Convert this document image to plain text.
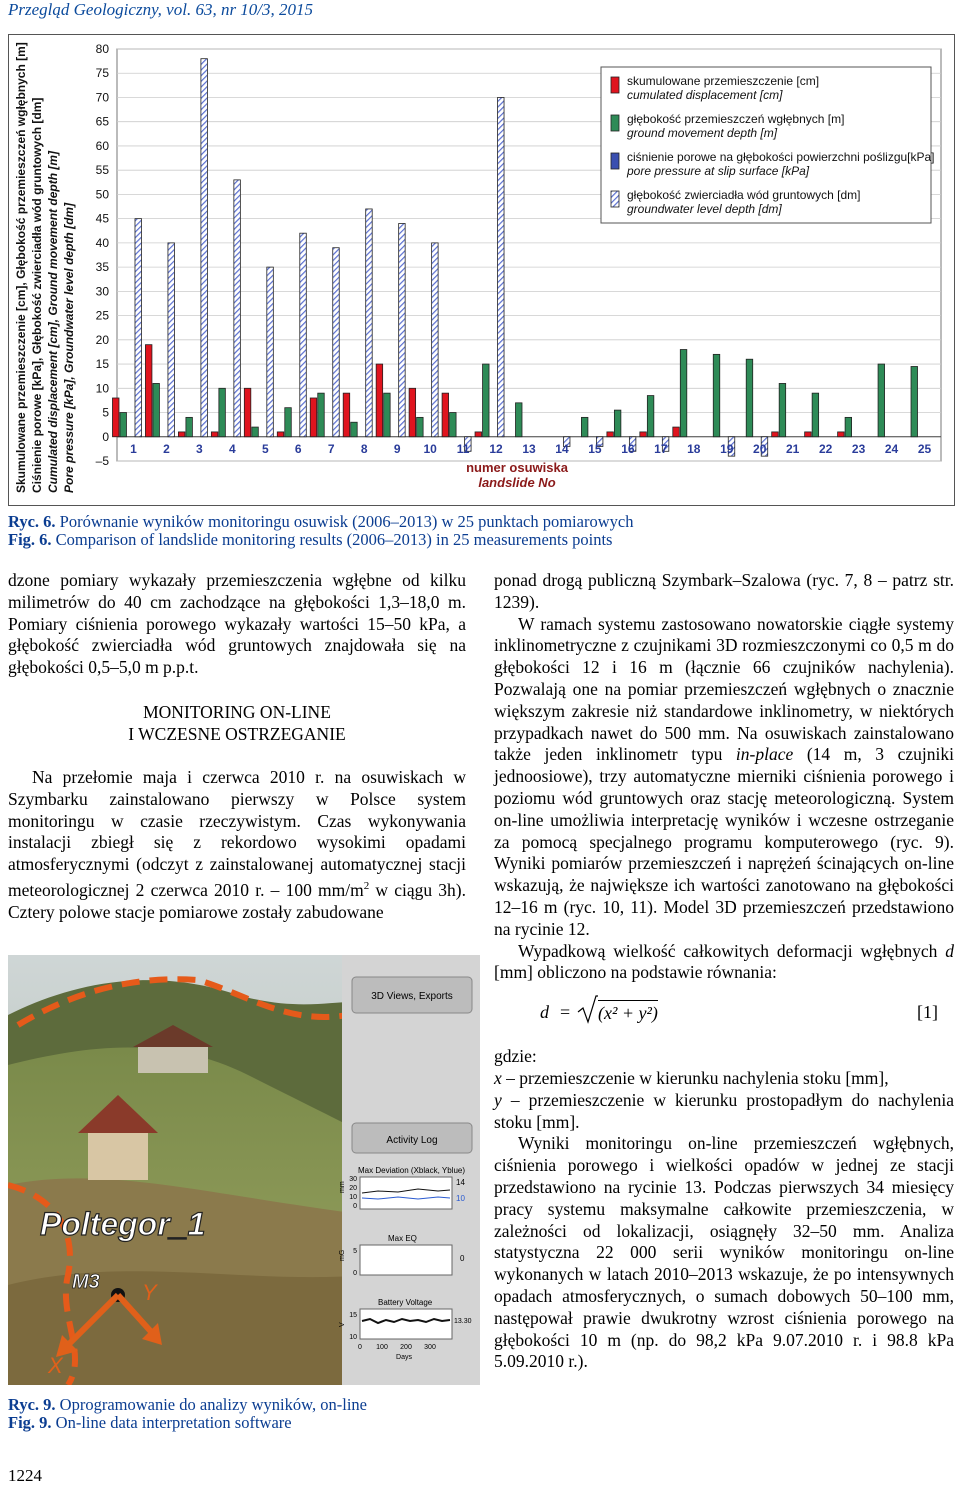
Przegląd Geologiczny, vol. 63, nr 10/3, 2015
Skumulowane przemieszczenie [cm], Głębokość przemieszczeń wgłębnych [m] Ciśnienie porowe [kPa], Głębokość zwierciadła wód gruntowych [dm] Cumulated displacement [cm], Ground movement depth [m] Pore pressure [kPa], Groundwater level depth [dm]
80
75
70
65
60
55
50
45
40
35
30
25
20
15
10
5
0
–5
1 2 3 4 5 6 7 8 9 10 11 12 13 14 15 16 17 18 19 20 21 22 23 24 25
numer osuwiska
landslide No
skumulowane przemieszczenie [cm]
cumulated displacement [cm]
głębokość przemieszczeń wgłębnych [m]
ground movement depth [m]
ciśnienie porowe na głębokości powierzchni poślizgu[kPa]
pore pressure at slip surface [kPa]
głębokość zwierciadła wód gruntowych [dm]
groundwater level depth [dm]
Ryc. 6. Porównanie wyników monitoringu osuwisk (2006–2013) w 25 punktach pomiarowych
Fig. 6. Comparison of landslide monitoring results (2006–2013) in 25 measurements points

dzone pomiary wykazały przemieszczenia wgłębne od kilku milimetrów do 40 cm zachodzące na głębokości 1,3–18,0 m. Pomiary ciśnienia porowego wykazały wartości 15–50 kPa, a głębokość zwierciadła wód gruntowych znajdowała się na głębokości 0,5–5,0 m p.p.t.

MONITORING ON-LINE
I WCZESNE OSTRZEGANIE

Na przełomie maja i czerwca 2010 r. na osuwiskach w Szymbarku zainstalowano pierwszy w Polsce system monitoringu w czasie rzeczywistym. Czas wykonywania instalacji zbiegł się z rekordowo wysokimi opadami atmosferycznymi (odczyt z zainstalowanej automatycznej stacji meteorologicznej 2 czerwca 2010 r. – 100 $mm/m^2$ w ciągu 3h). Cztery polowe stacje pomiarowe zostały zabudowane

ponad drogą publiczną Szymbark–Szalowa (ryc. 7, 8 – patrz str. 1239).

W ramach systemu zastosowano nowatorskie ciągłe systemy inklinometryczne z czujnikami 3D rozmieszczonymi co 0,5 m do głębokości 12 i 16 m (łącznie 66 czujników nachylenia). Pozwalają one na pomiar przemieszczeń wgłębnych o znacznie większym zakresie niż standardowe inklinometry, w niektórych przypadkach nawet do 500 mm. Na osuwiskach zainstalowano także jeden inklinometr typu in-place (14 m, 3 czujniki jednoosiowe), trzy automatyczne mierniki ciśnienia porowego i poziomu wód gruntowych oraz stację meteorologiczną. System on-line umożliwia interpretację wyników i wczesne ostrzeganie za pomocą specjalnego programu komputerowego (ryc. 9). Wyniki pomiarów przemieszczeń i naprężeń ścinających on-line wskazują, że największe ich wartości zanotowano na głębokości 12–16 m (ryc. 10, 11). Model 3D przemieszczeń przedstawiono na rycinie 12.

Wypadkową wielkość całkowitych deformacji wgłębnych d [mm] obliczono na podstawie równania:

d = (x² + y²)	[1]

gdzie:

x – przemieszczenie w kierunku nachylenia stoku [mm],

y – przemieszczenie w kierunku prostopadłym do nachylenia stoku [mm].

Wyniki monitoringu on-line przemieszczeń wgłębnych, ciśnienia porowego i wielkości opadów w jednej ze stacji przedstawiono na rycinie 13. Podczas pierwszych 34 miesięcy pracy systemu maksymalne całkowite przemieszczenia, w zależności od lokalizacji, osiągnęły 32–50 mm. Analiza statystyczna 22 000 serii wyników monitoringu on-line wykonanych w latach 2010–2013 wskazuje, że po intensywnych opadach atmosferycznych, o sumach dobowych 50–100 mm, następował prawie dwukrotny wzrost ciśnienia porowego na głębokości 10 m (np. do 98,2 kPa 9.07.2010 r. i 98.8 kPa 5.09.2010 r.).

Poltegor_1
M3
X
Y
3D Views, Exports
Activity Log
Max Deviation (Xblack, Yblue)
mm
30
20
10
0
14
10
Max EQ
mG 5
0
0
Battery Voltage
V
15
10
13.30
0 100 200 300
Days
Ryc. 9. Oprogramowanie do analizy wyników, on-line
Fig. 9. On-line data interpretation software
1224
